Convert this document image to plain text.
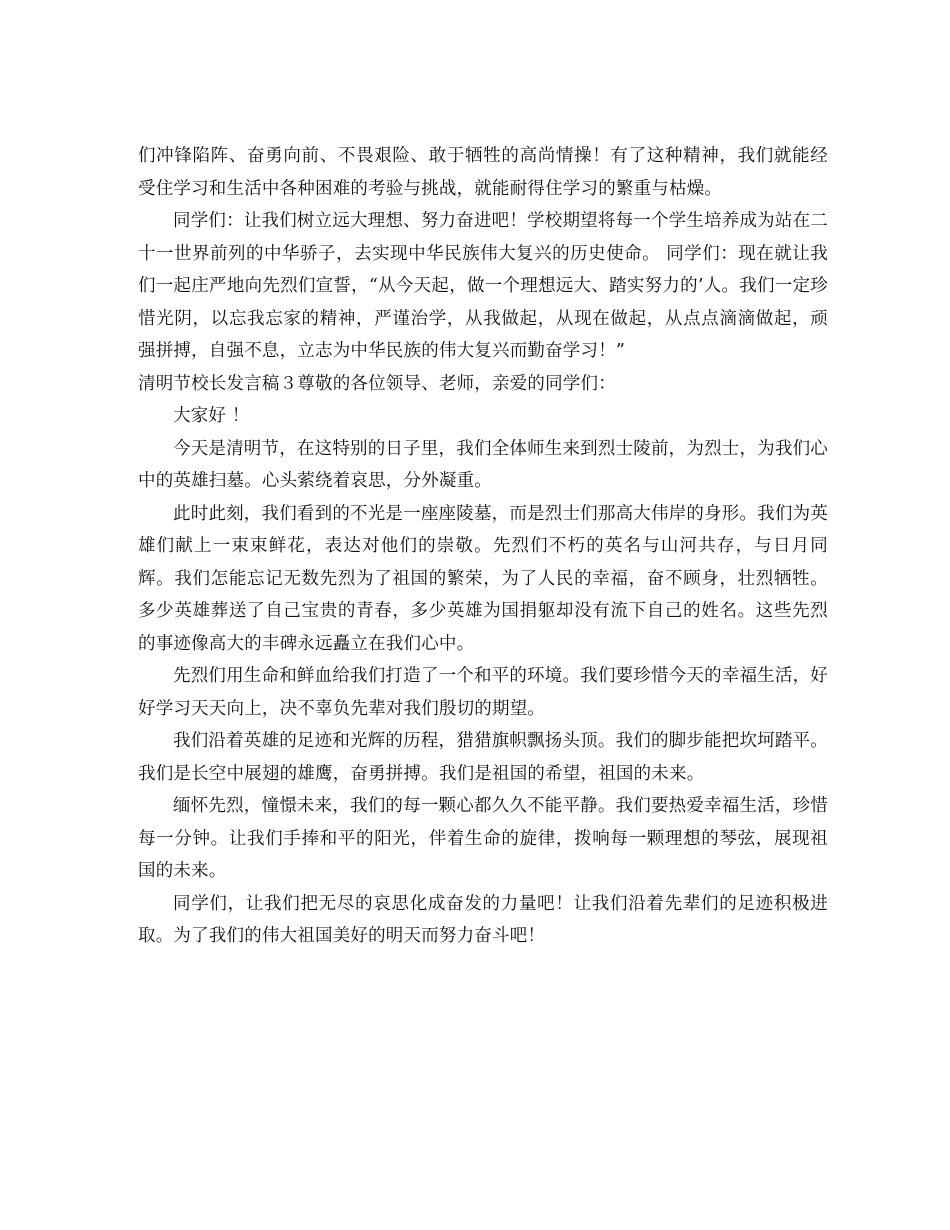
们冲锋陷阵、奋勇向前、不畏艰险、敢于牺牲的高尚情操！有了这种精神，我们就能经受住学习和生活中各种困难的考验与挑战，就能耐得住学习的繁重与枯燥。

同学们：让我们树立远大理想、努力奋进吧！学校期望将每一个学生培养成为站在二十一世界前列的中华骄子，去实现中华民族伟大复兴的历史使命。 同学们：现在就让我们一起庄严地向先烈们宣誓，“从今天起，做一个理想远大、踏实努力的’人。我们一定珍惜光阴，以忘我忘家的精神，严谨治学，从我做起，从现在做起，从点点滴滴做起，顽强拼搏，自强不息，立志为中华民族的伟大复兴而勤奋学习！”

清明节校长发言稿３尊敬的各位领导、老师，亲爱的同学们：

大家好 ！

今天是清明节，在这特别的日子里，我们全体师生来到烈士陵前，为烈士，为我们心中的英雄扫墓。心头萦绕着哀思，分外凝重。

此时此刻，我们看到的不光是一座座陵墓，而是烈士们那高大伟岸的身形。我们为英雄们献上一束束鲜花，表达对他们的崇敬。先烈们不朽的英名与山河共存，与日月同辉。我们怎能忘记无数先烈为了祖国的繁荣，为了人民的幸福，奋不顾身，壮烈牺牲。多少英雄葬送了自己宝贵的青春，多少英雄为国捐躯却没有流下自己的姓名。这些先烈的事迹像高大的丰碑永远矗立在我们心中。

先烈们用生命和鲜血给我们打造了一个和平的环境。我们要珍惜今天的幸福生活，好好学习天天向上，决不辜负先辈对我们殷切的期望。

我们沿着英雄的足迹和光辉的历程，猎猎旗帜飘扬头顶。我们的脚步能把坎坷踏平。我们是长空中展翅的雄鹰，奋勇拼搏。我们是祖国的希望，祖国的未来。

缅怀先烈，憧憬未来，我们的每一颗心都久久不能平静。我们要热爱幸福生活，珍惜每一分钟。让我们手捧和平的阳光，伴着生命的旋律，拨响每一颗理想的琴弦，展现祖国的未来。

同学们，让我们把无尽的哀思化成奋发的力量吧！让我们沿着先辈们的足迹积极进取。为了我们的伟大祖国美好的明天而努力奋斗吧！
